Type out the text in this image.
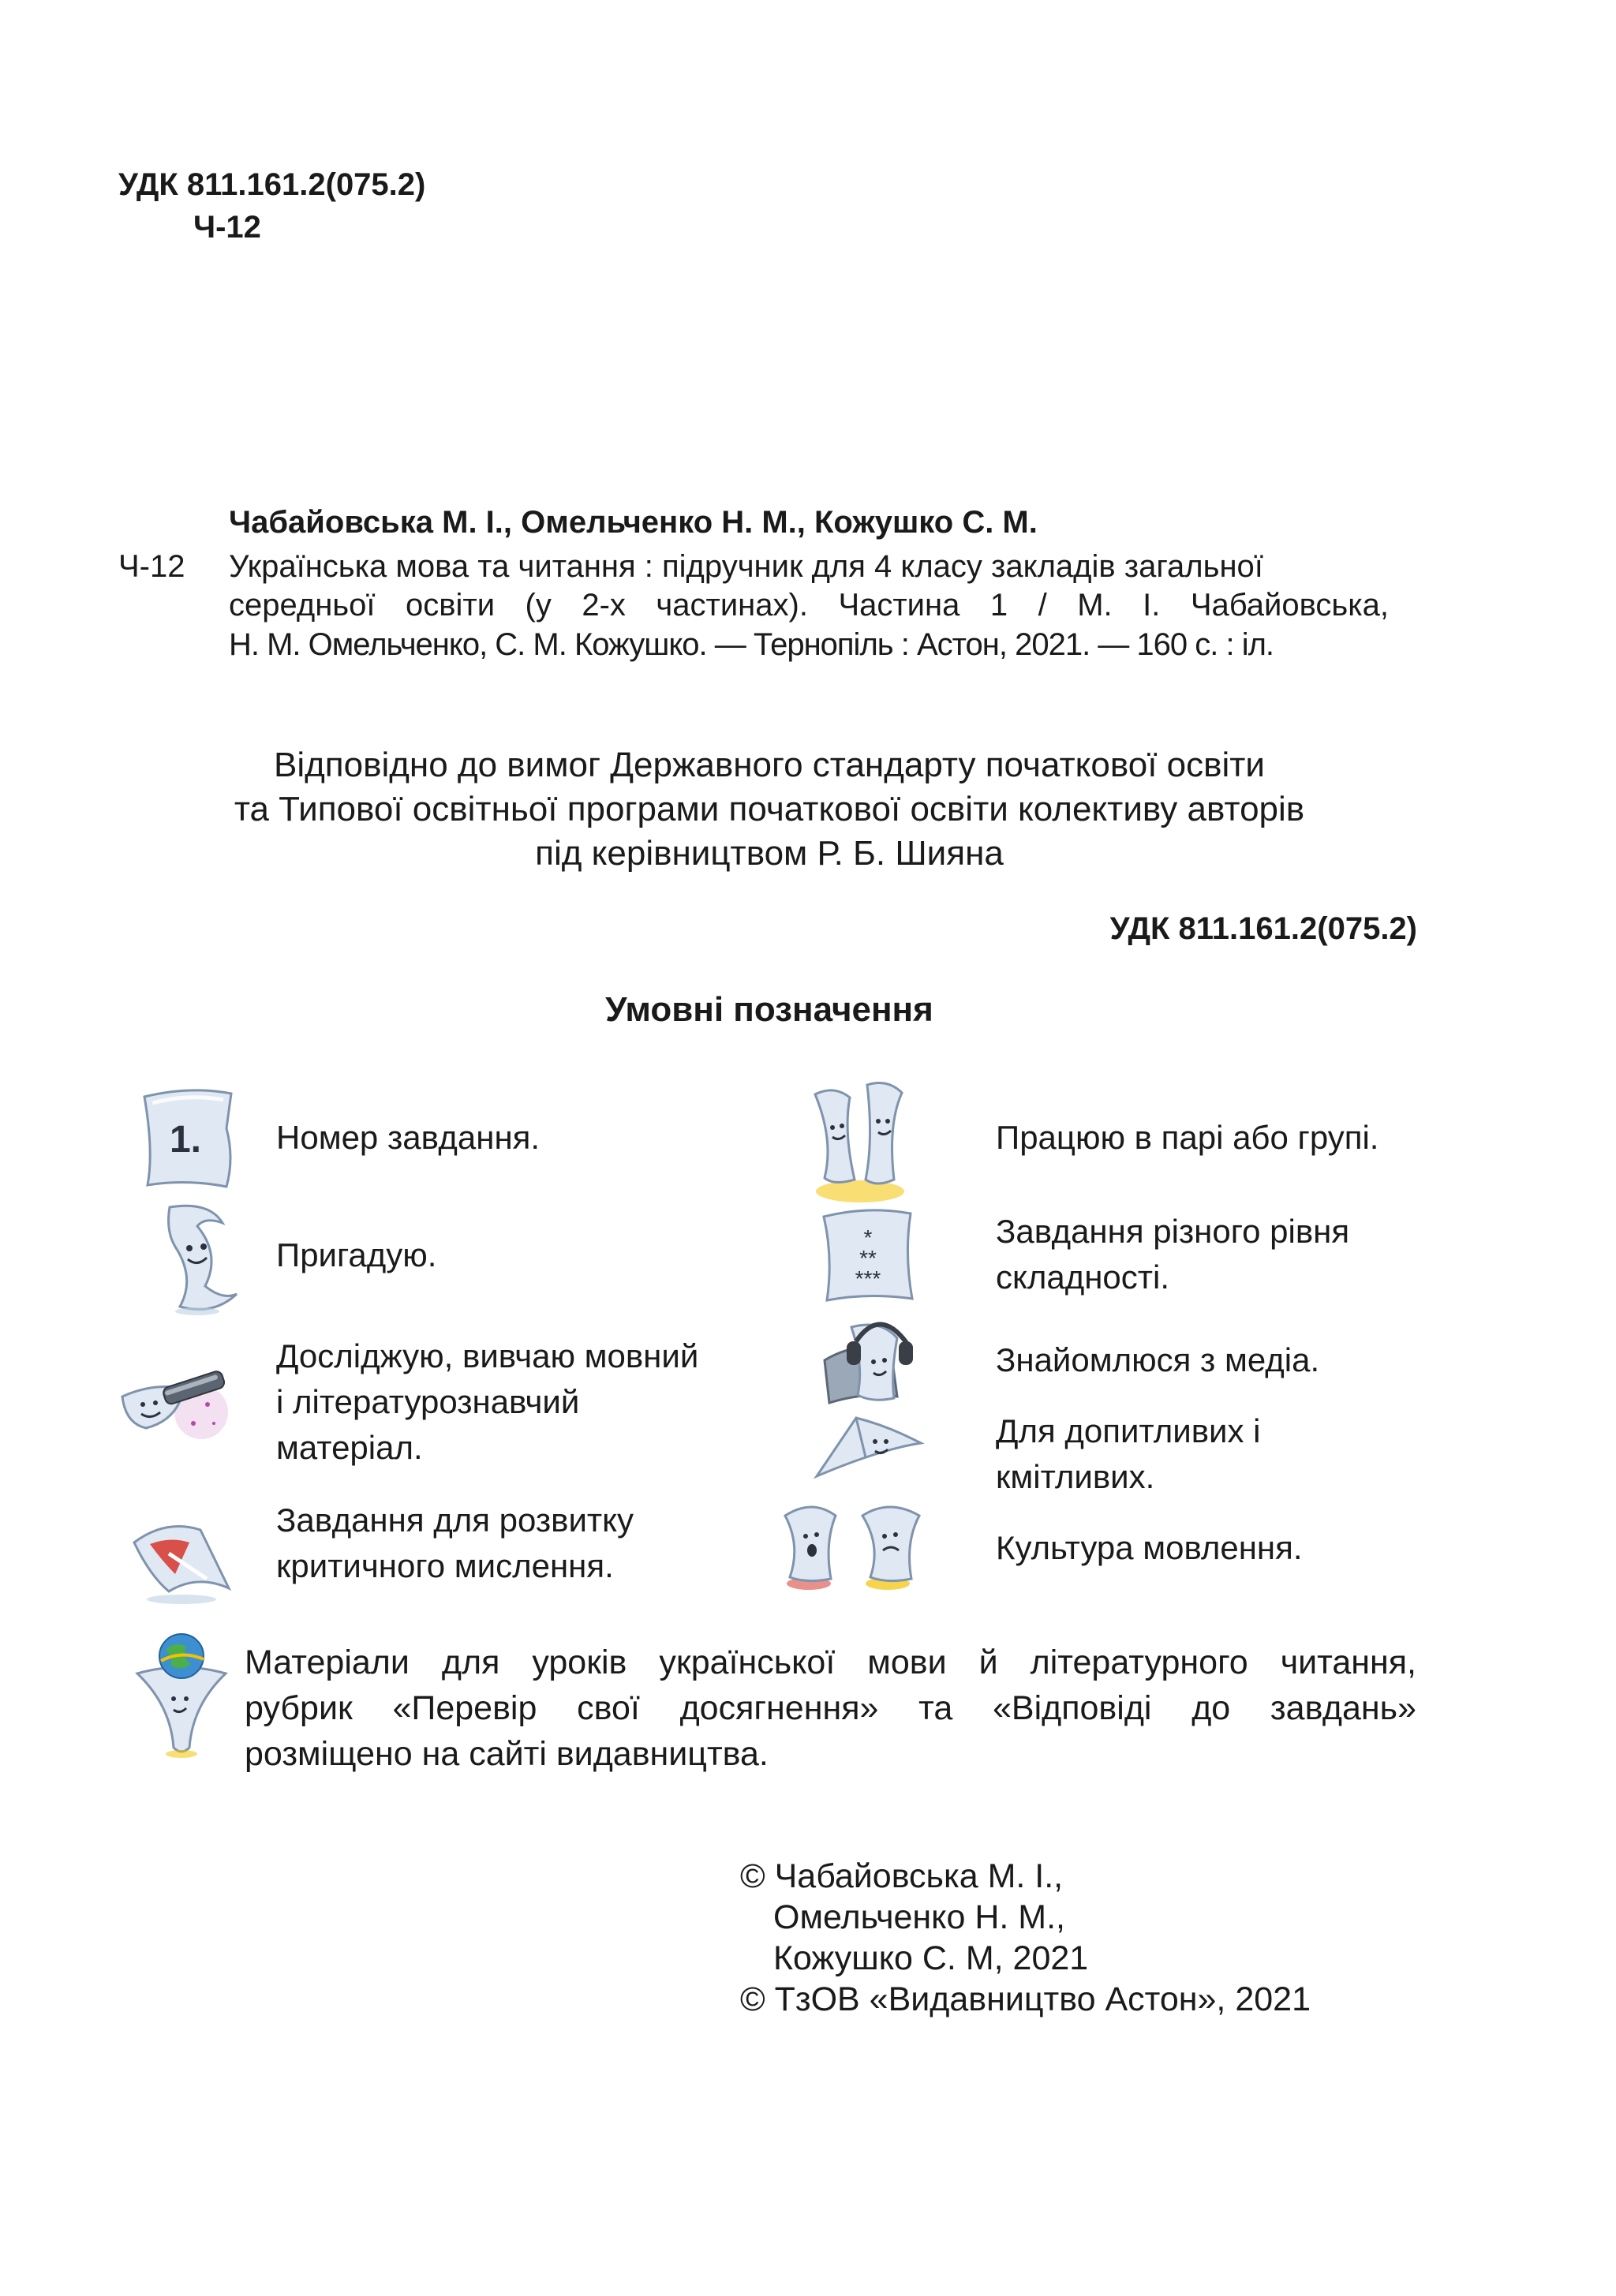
УДК 811.161.2(075.2)
Ч-12
Чабайовська М. І., Омельченко Н. М., Кожушко С. М.
Ч-12 Українська мова та читання : підручник для 4 класу закладів загальної
середньої освіти (у 2-х частинах). Частина 1 / М. І. Чабайовська,
Н. М. Омельченко, С. М. Кожушко. — Тернопіль : Астон, 2021. — 160 с. : іл.
Відповідно до вимог Державного стандарту початкової освіти
та Типової освітньої програми початкової освіти колективу авторів
під керівництвом Р. Б. Шияна
УДК 811.161.2(075.2)
Умовні позначення
1. Номер завдання.
Пригадую.
Досліджую, вивчаю мовний
і літературознавчий
матеріал.
Завдання для розвитку
критичного мислення.
Працюю в парі або групі.
*
**
***
Завдання різного рівня
складності.
Знайомлюся з медіа.
Для допитливих і
кмітливих.
Культура мовлення.
Матеріали для уроків української мови й літературного читання,
рубрик «Перевір свої досягнення» та «Відповіді до завдань»
розміщено на сайті видавництва.
© Чабайовська М. І.,
Омельченко Н. М.,
Кожушко С. М, 2021
© ТзОВ «Видавництво Астон», 2021
